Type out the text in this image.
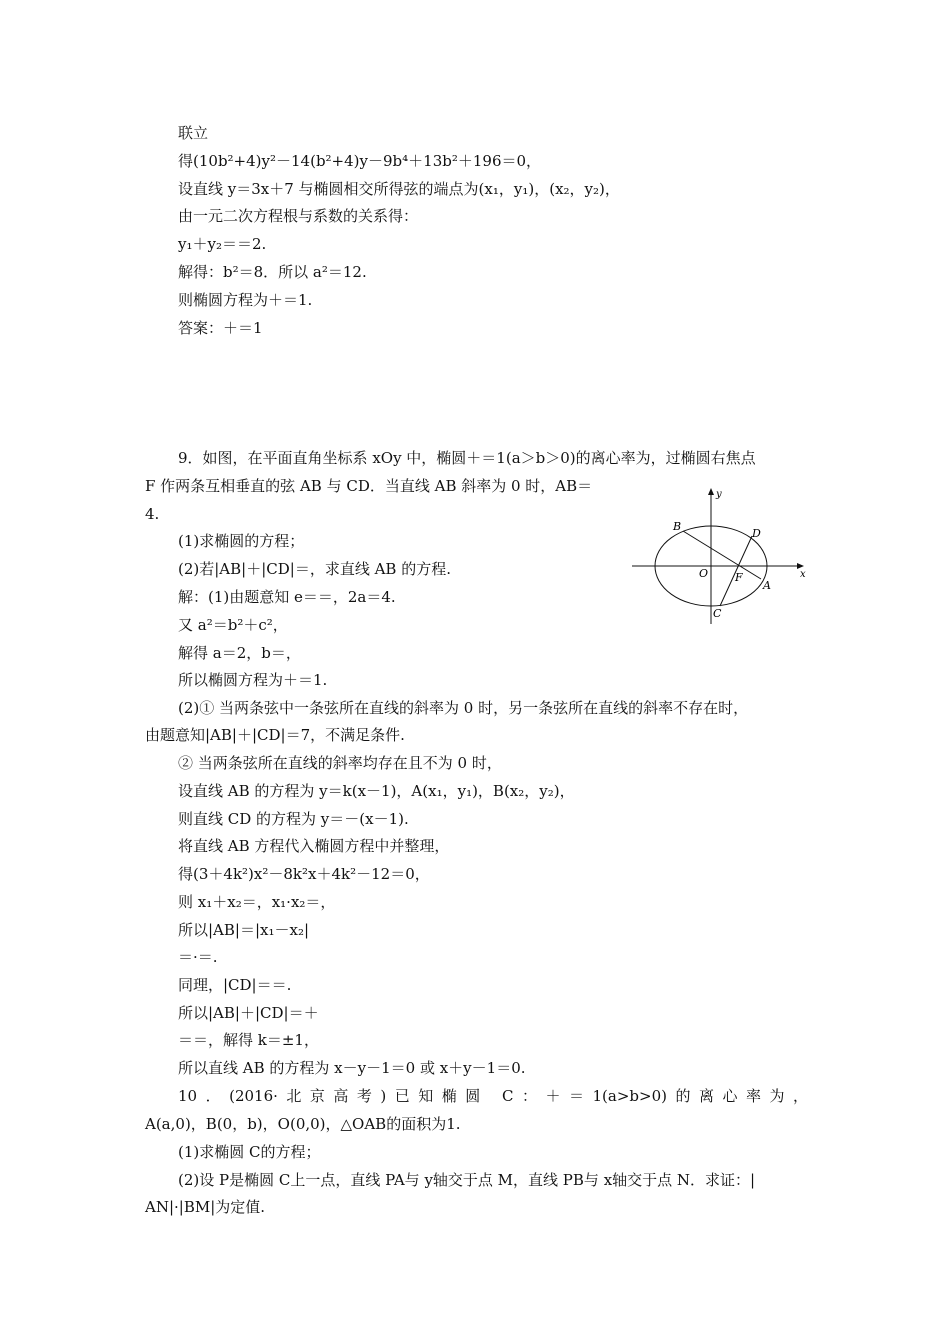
联立
得(10b²+4)y²－14(b²+4)y－9b⁴＋13b²＋196＝0，
设直线 y＝3x＋7 与椭圆相交所得弦的端点为(x₁，y₁)，(x₂，y₂)，
由一元二次方程根与系数的关系得：
y₁＋y₂＝＝2.
解得：b²＝8．所以 a²＝12.
则椭圆方程为＋＝1.
答案：＋＝1
9．如图，在平面直角坐标系 xOy 中，椭圆＋＝1(a＞b＞0)的离心率为，过椭圆右焦点
F 作两条互相垂直的弦 AB 与 CD．当直线 AB 斜率为 0 时，AB＝
4.
(1)求椭圆的方程；
(2)若|AB|＋|CD|＝，求直线 AB 的方程.
解：(1)由题意知 e＝＝，2a＝4.
又 a²＝b²＋c²，
解得 a＝2，b＝，
所以椭圆方程为＋＝1.
(2)① 当两条弦中一条弦所在直线的斜率为 0 时，另一条弦所在直线的斜率不存在时，
由题意知|AB|＋|CD|＝7，不满足条件.
② 当两条弦所在直线的斜率均存在且不为 0 时，
设直线 AB 的方程为 y＝k(x－1)，A(x₁，y₁)，B(x₂，y₂)，
则直线 CD 的方程为 y＝－(x－1).
将直线 AB 方程代入椭圆方程中并整理，
得(3＋4k²)x²－8k²x＋4k²－12＝0，
则 x₁＋x₂＝，x₁·x₂＝，
所以|AB|＝|x₁－x₂|
＝·＝.
同理，|CD|＝＝.
所以|AB|＋|CD|＝＋
＝＝，解得 k＝±1，
所以直线 AB 的方程为 x－y－1＝0 或 x＋y－1＝0.
10．(2016·北京高考)已知椭圆 C：＋＝1(a>b>0)的离心率为，
A(a,0)，B(0，b)，O(0,0)，△OAB的面积为1.
(1)求椭圆 C的方程；
(2)设 P是椭圆 C上一点，直线 PA与 y轴交于点 M，直线 PB与 x轴交于点 N．求证：|
AN|·|BM|为定值.
y
x
B
D
O F
A
C
